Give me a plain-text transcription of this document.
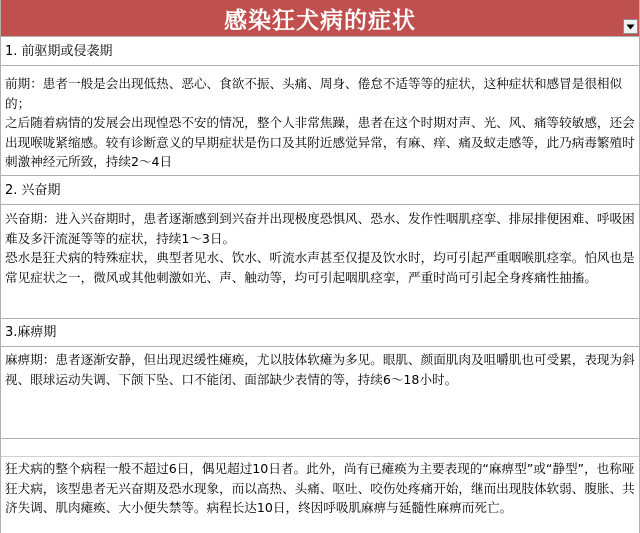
感染狂犬病的症状

1. 前驱期或侵袭期

前期：患者一般是会出现低热、恶心、食欲不振、头痛、周身、倦怠不适等等的症状，这种症状和感冒是很相似的；

之后随着病情的发展会出现惶恐不安的情况，整个人非常焦躁，患者在这个时期对声、光、风、痛等较敏感，还会出现喉咙紧缩感。较有诊断意义的早期症状是伤口及其附近感觉异常，有麻、痒、痛及蚁走感等，此乃病毒繁殖时刺激神经元所致，持续2～4日

2. 兴奋期

兴奋期：进入兴奋期时，患者逐渐感到到兴奋并出现极度恐惧风、恐水、发作性咽肌痉挛、排尿排便困难、呼吸困难及多汗流涎等等的症状，持续1～3日。

恐水是狂犬病的特殊症状，典型者见水、饮水、听流水声甚至仅提及饮水时，均可引起严重咽喉肌痉挛。怕风也是常见症状之一，微风或其他刺激如光、声、触动等，均可引起咽肌痉挛，严重时尚可引起全身疼痛性抽搐。

3.麻痹期

麻痹期：患者逐渐安静，但出现迟缓性瘫痪，尤以肢体软瘫为多见。眼肌、颜面肌肉及咀嚼肌也可受累，表现为斜视、眼球运动失调、下颌下坠、口不能闭、面部缺少表情的等，持续6～18小时。

狂犬病的整个病程一般不超过6日，偶见超过10日者。此外，尚有已瘫痪为主要表现的“麻痹型”或“静型”，也称哑狂犬病，该型患者无兴奋期及恐水现象，而以高热、头痛、呕吐、咬伤处疼痛开始，继而出现肢体软弱、腹胀、共济失调、肌肉瘫痪、大小便失禁等。病程长达10日，终因呼吸肌麻痹与延髓性麻痹而死亡。
